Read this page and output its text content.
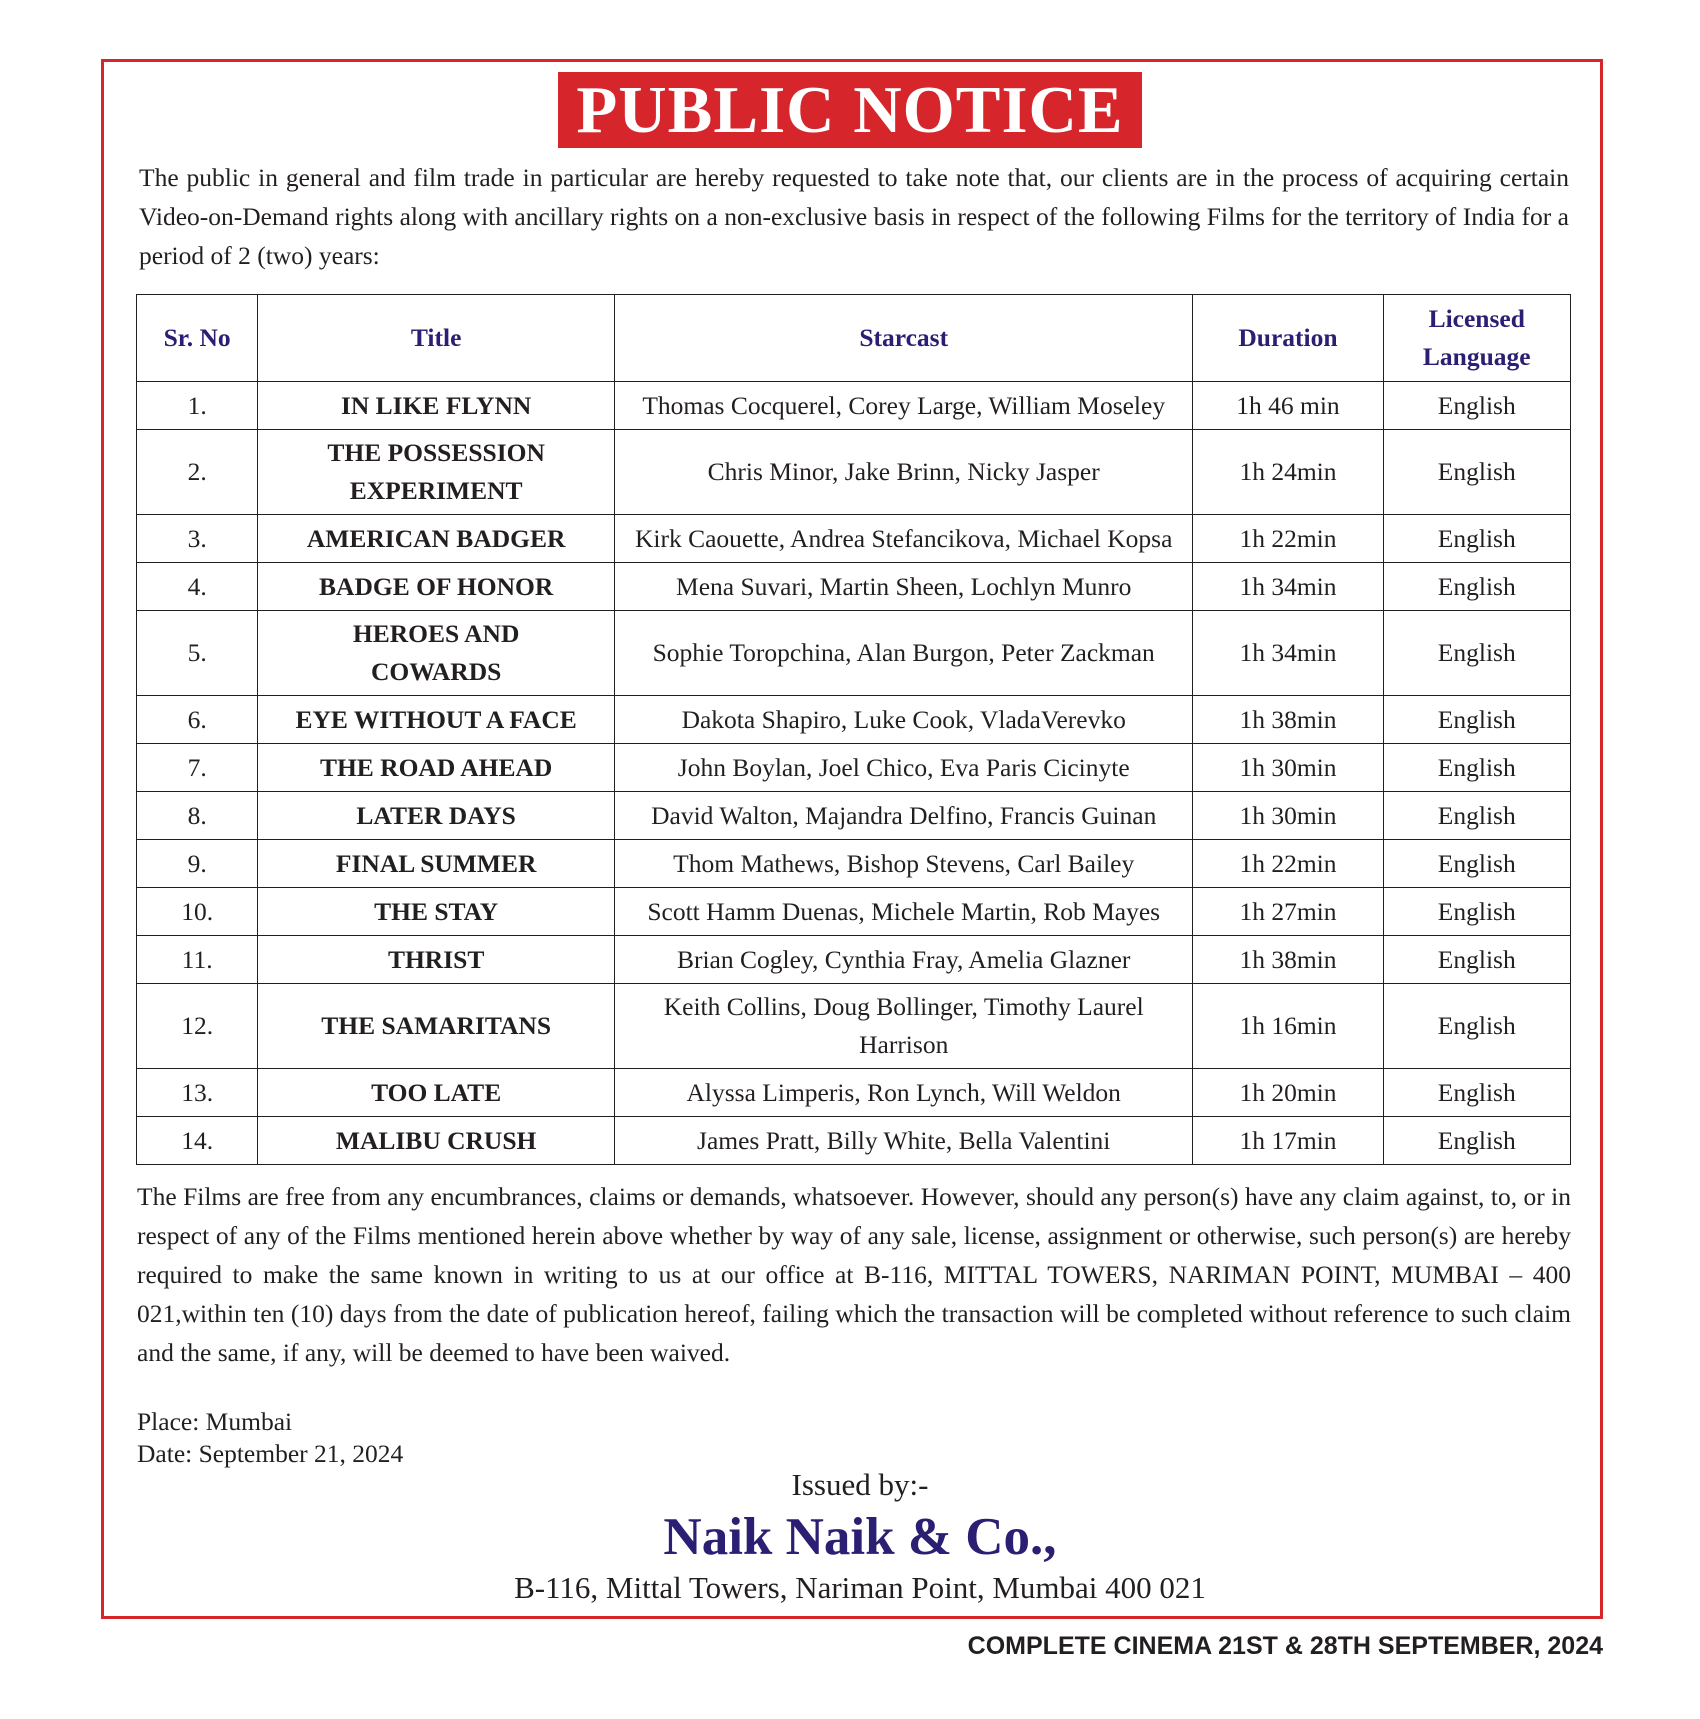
PUBLIC NOTICE
The public in general and film trade in particular are hereby requested to take note that, our clients are in the process of acquiring certain Video-on-Demand rights along with ancillary rights on a non-exclusive basis in respect of the following Films for the territory of India for a period of 2 (two) years:
Sr. No	Title	Starcast	Duration	Licensed
Language
1.	IN LIKE FLYNN	Thomas Cocquerel, Corey Large, William Moseley	1h 46 min	English
2.	THE POSSESSION EXPERIMENT	Chris Minor, Jake Brinn, Nicky Jasper	1h 24min	English
3.	AMERICAN BADGER	Kirk Caouette, Andrea Stefancikova, Michael Kopsa	1h 22min	English
4.	BADGE OF HONOR	Mena Suvari, Martin Sheen, Lochlyn Munro	1h 34min	English
5.	HEROES AND COWARDS	Sophie Toropchina, Alan Burgon, Peter Zackman	1h 34min	English
6.	EYE WITHOUT A FACE	Dakota Shapiro, Luke Cook, VladaVerevko	1h 38min	English
7.	THE ROAD AHEAD	John Boylan, Joel Chico, Eva Paris Cicinyte	1h 30min	English
8.	LATER DAYS	David Walton, Majandra Delfino, Francis Guinan	1h 30min	English
9.	FINAL SUMMER	Thom Mathews, Bishop Stevens, Carl Bailey	1h 22min	English
10.	THE STAY	Scott Hamm Duenas, Michele Martin, Rob Mayes	1h 27min	English
11.	THRIST	Brian Cogley, Cynthia Fray, Amelia Glazner	1h 38min	English
12.	THE SAMARITANS	Keith Collins, Doug Bollinger, Timothy Laurel Harrison	1h 16min	English
13.	TOO LATE	Alyssa Limperis, Ron Lynch, Will Weldon	1h 20min	English
14.	MALIBU CRUSH	James Pratt, Billy White, Bella Valentini	1h 17min	English
The Films are free from any encumbrances, claims or demands, whatsoever. However, should any person(s) have any claim against, to, or in respect of any of the Films mentioned herein above whether by way of any sale, license, assignment or otherwise, such person(s) are hereby required to make the same known in writing to us at our office at B-116, MITTAL TOWERS, NARIMAN POINT, MUMBAI – 400 021,within ten (10) days from the date of publication hereof, failing which the transaction will be completed without reference to such claim and the same, if any, will be deemed to have been waived.
Place: Mumbai
Date: September 21, 2024
Issued by:-
Naik Naik & Co.,
B-116, Mittal Towers, Nariman Point, Mumbai 400 021
COMPLETE CINEMA 21ST & 28TH SEPTEMBER, 2024
